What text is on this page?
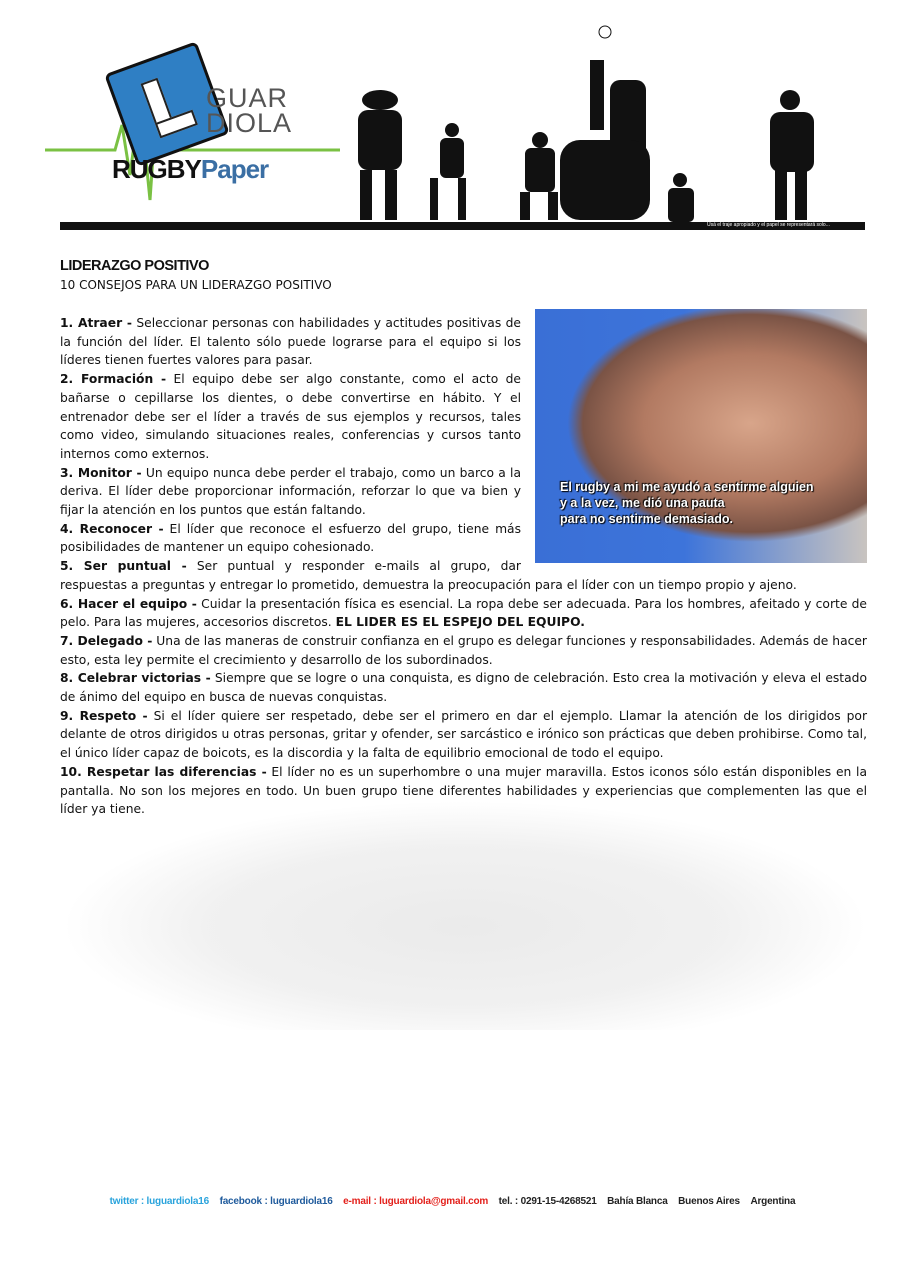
GUAR
DIOLA
RUGBYPaper
Usá el traje apropiado y el papel se representará solo...
LIDERAZGO POSITIVO
10 CONSEJOS PARA UN LIDERAZGO POSITIVO
El rugby a mi me ayudó a sentirme alguien
y a la vez, me dió una pauta
para no sentirme demasiado.

1. Atraer - Seleccionar personas con habilidades y actitudes positivas de la función del líder. El talento sólo puede lograrse para el equipo si los líderes tienen fuertes valores para pasar.

2. Formación - El equipo debe ser algo constante, como el acto de bañarse o cepillarse los dientes, o debe convertirse en hábito. Y el entrenador debe ser el líder a través de sus ejemplos y recursos, tales como video, simulando situaciones reales, conferencias y cursos tanto internos como externos.

3. Monitor - Un equipo nunca debe perder el trabajo, como un barco a la deriva. El líder debe proporcionar información, reforzar lo que va bien y fijar la atención en los puntos que están faltando.

4. Reconocer - El líder que reconoce el esfuerzo del grupo, tiene más posibilidades de mantener un equipo cohesionado.

5. Ser puntual - Ser puntual y responder e-mails al grupo, dar respuestas a preguntas y entregar lo prometido, demuestra la preocupación para el líder con un tiempo propio y ajeno.

6. Hacer el equipo - Cuidar la presentación física es esencial. La ropa debe ser adecuada. Para los hombres, afeitado y corte de pelo. Para las mujeres, accesorios discretos. EL LIDER ES EL ESPEJO DEL EQUIPO.

7. Delegado - Una de las maneras de construir confianza en el grupo es delegar funciones y responsabilidades. Además de hacer esto, esta ley permite el crecimiento y desarrollo de los subordinados.

8. Celebrar victorias - Siempre que se logre o una conquista, es digno de celebración. Esto crea la motivación y eleva el estado de ánimo del equipo en busca de nuevas conquistas.

9. Respeto - Si el líder quiere ser respetado, debe ser el primero en dar el ejemplo. Llamar la atención de los dirigidos por delante de otros dirigidos u otras personas, gritar y ofender, ser sarcástico e irónico son prácticas que deben prohibirse. Como tal, el único líder capaz de boicots, es la discordia y la falta de equilibrio emocional de todo el equipo.

10. Respetar las diferencias - El líder no es un superhombre o una mujer maravilla. Estos iconos sólo están disponibles en la pantalla. No son los mejores en todo. Un buen grupo tiene diferentes habilidades y experiencias que complementen las que el líder ya tiene.

twitter : luguardiola16 facebook : luguardiola16 e-mail : luguardiola@gmail.com tel. : 0291-15-4268521 Bahía Blanca Buenos Aires Argentina
